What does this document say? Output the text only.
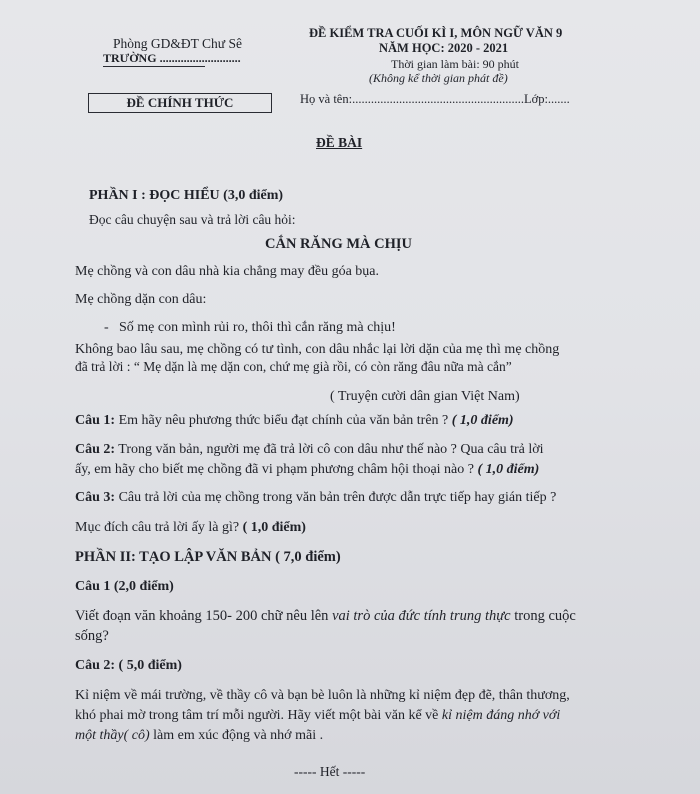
Phòng GD&ĐT Chư Sê
TRƯỜNG ...........................
ĐỀ CHÍNH THỨC
ĐỀ KIỂM TRA CUỐI KÌ I, MÔN NGỮ VĂN 9
NĂM HỌC: 2020 - 2021
Thời gian làm bài: 90 phút
(Không kể thời gian phát đề)
Họ và tên:.......................................................Lớp:.......
ĐỀ BÀI
PHẦN I : ĐỌC HIỂU (3,0 điểm)
Đọc câu chuyện sau và trả lời câu hỏi:
CẮN RĂNG MÀ CHỊU
Mẹ chồng và con dâu nhà kia chẳng may đều góa bụa.
Mẹ chồng dặn con dâu:
- Số mẹ con mình rủi ro, thôi thì cắn răng mà chịu!
Không bao lâu sau, mẹ chồng có tư tình, con dâu nhắc lại lời dặn của mẹ thì mẹ chồng
đã trả lời : “ Mẹ dặn là mẹ dặn con, chứ mẹ già rồi, có còn răng đâu nữa mà cắn”
( Truyện cười dân gian Việt Nam)
Câu 1: Em hãy nêu phương thức biểu đạt chính của văn bản trên ? ( 1,0 điểm)
Câu 2: Trong văn bản, người mẹ đã trả lời cô con dâu như thế nào ? Qua câu trả lời
ấy, em hãy cho biết mẹ chồng đã vi phạm phương châm hội thoại nào ? ( 1,0 điểm)
Câu 3: Câu trả lời của mẹ chồng trong văn bản trên được dẫn trực tiếp hay gián tiếp ?
Mục đích câu trả lời ấy là gì? ( 1,0 điểm)
PHẦN II: TẠO LẬP VĂN BẢN ( 7,0 điểm)
Câu 1 (2,0 điểm)
Viết đoạn văn khoảng 150- 200 chữ nêu lên vai trò của đức tính trung thực trong cuộc
sống?
Câu 2: ( 5,0 điểm)
Kỉ niệm về mái trường, về thầy cô và bạn bè luôn là những kỉ niệm đẹp đẽ, thân thương,
khó phai mờ trong tâm trí mỗi người. Hãy viết một bài văn kể về kỉ niệm đáng nhớ với
một thầy( cô) làm em xúc động và nhớ mãi .
----- Hết -----
